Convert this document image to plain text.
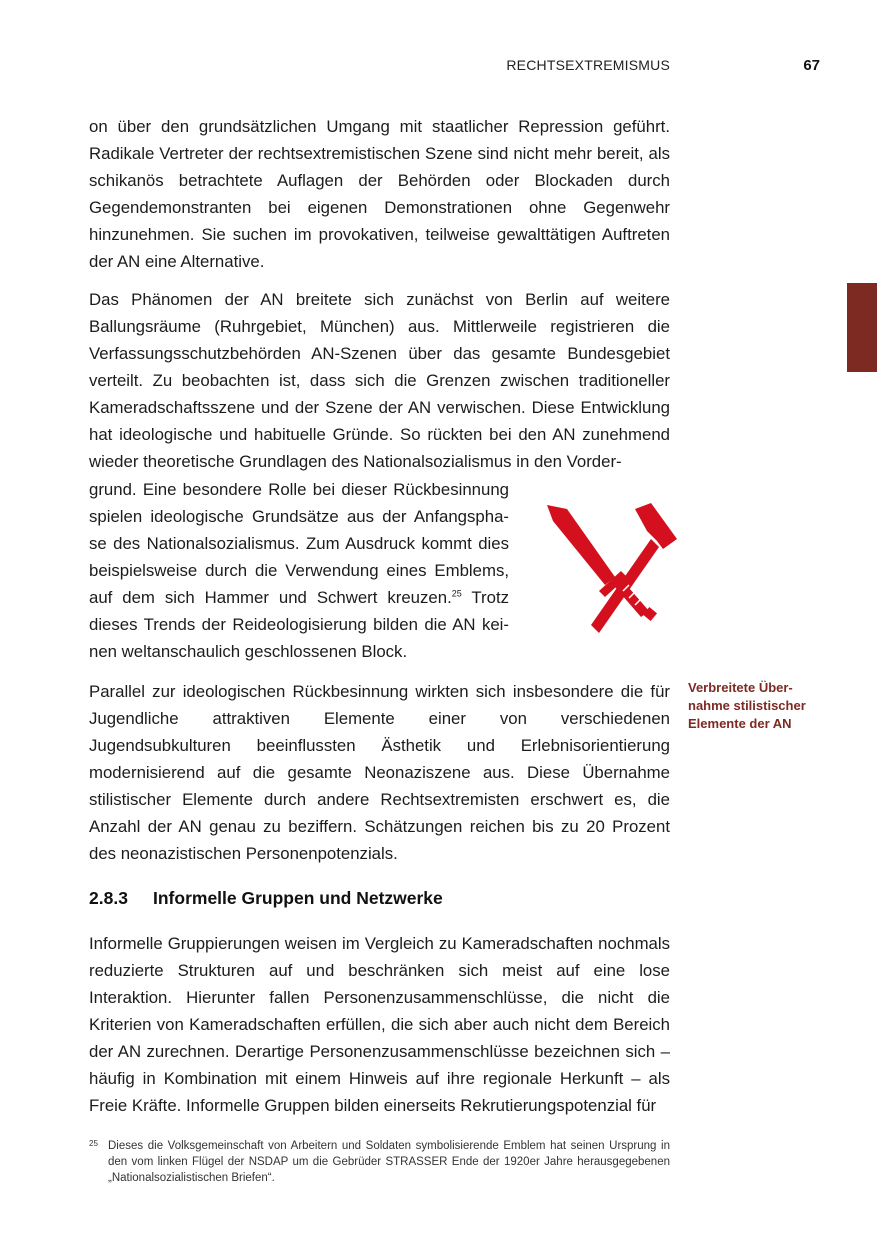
RECHTSEXTREMISMUS	67

on über den grundsätzlichen Umgang mit staatlicher Repression geführt. Radikale Vertreter der rechtsextremistischen Szene sind nicht mehr bereit, als schikanös betrachtete Auflagen der Behörden oder Blockaden durch Gegendemonstranten bei eigenen Demonstrationen ohne Gegenwehr hinzunehmen. Sie suchen im provokativen, teilweise gewalttätigen Auftreten der AN eine Alternative.

Das Phänomen der AN breitete sich zunächst von Berlin auf weitere Ballungsräume (Ruhrgebiet, München) aus. Mittlerweile registrieren die Verfassungsschutzbehörden AN-Szenen über das gesamte Bundesgebiet verteilt. Zu beobachten ist, dass sich die Grenzen zwischen traditioneller Kameradschaftsszene und der Szene der AN verwischen. Diese Entwicklung hat ideologische und habituelle Gründe. So rückten bei den AN zunehmend wieder theoretische Grundlagen des Nationalsozialismus in den Vorder-

grund. Eine besondere Rolle bei dieser Rückbesinnung

spielen ideologische Grundsätze aus der Anfangspha-

se des Nationalsozialismus. Zum Ausdruck kommt dies

beispielsweise durch die Verwendung eines Emblems,

auf dem sich Hammer und Schwert kreuzen.$^{25}$ Trotz

dieses Trends der Reideologisierung bilden die AN kei-

nen weltanschaulich geschlossenen Block.

Verbreitete Über-
nahme stilistischer
Elemente der AN

Parallel zur ideologischen Rückbesinnung wirkten sich insbesondere die für Jugendliche attraktiven Elemente einer von verschiedenen Jugendsubkulturen beeinflussten Ästhetik und Erlebnisorientierung modernisierend auf die gesamte Neonaziszene aus. Diese Übernahme stilistischer Elemente durch andere Rechtsextremisten erschwert es, die Anzahl der AN genau zu beziffern. Schätzungen reichen bis zu 20 Prozent des neonazistischen Personenpotenzials.

2.8.3 Informelle Gruppen und Netzwerke

Informelle Gruppierungen weisen im Vergleich zu Kameradschaften nochmals reduzierte Strukturen auf und beschränken sich meist auf eine lose Interaktion. Hierunter fallen Personenzusammenschlüsse, die nicht die Kriterien von Kameradschaften erfüllen, die sich aber auch nicht dem Bereich der AN zurechnen. Derartige Personenzusammenschlüsse bezeichnen sich – häufig in Kombination mit einem Hinweis auf ihre regionale Herkunft – als Freie Kräfte. Informelle Gruppen bilden einerseits Rekrutierungspotenzial für

25 Dieses die Volksgemeinschaft von Arbeitern und Soldaten symbolisierende Emblem hat seinen Ursprung in den vom linken Flügel der NSDAP um die Gebrüder STRASSER Ende der 1920er Jahre herausgegebenen „Nationalsozialistischen Briefen“.
